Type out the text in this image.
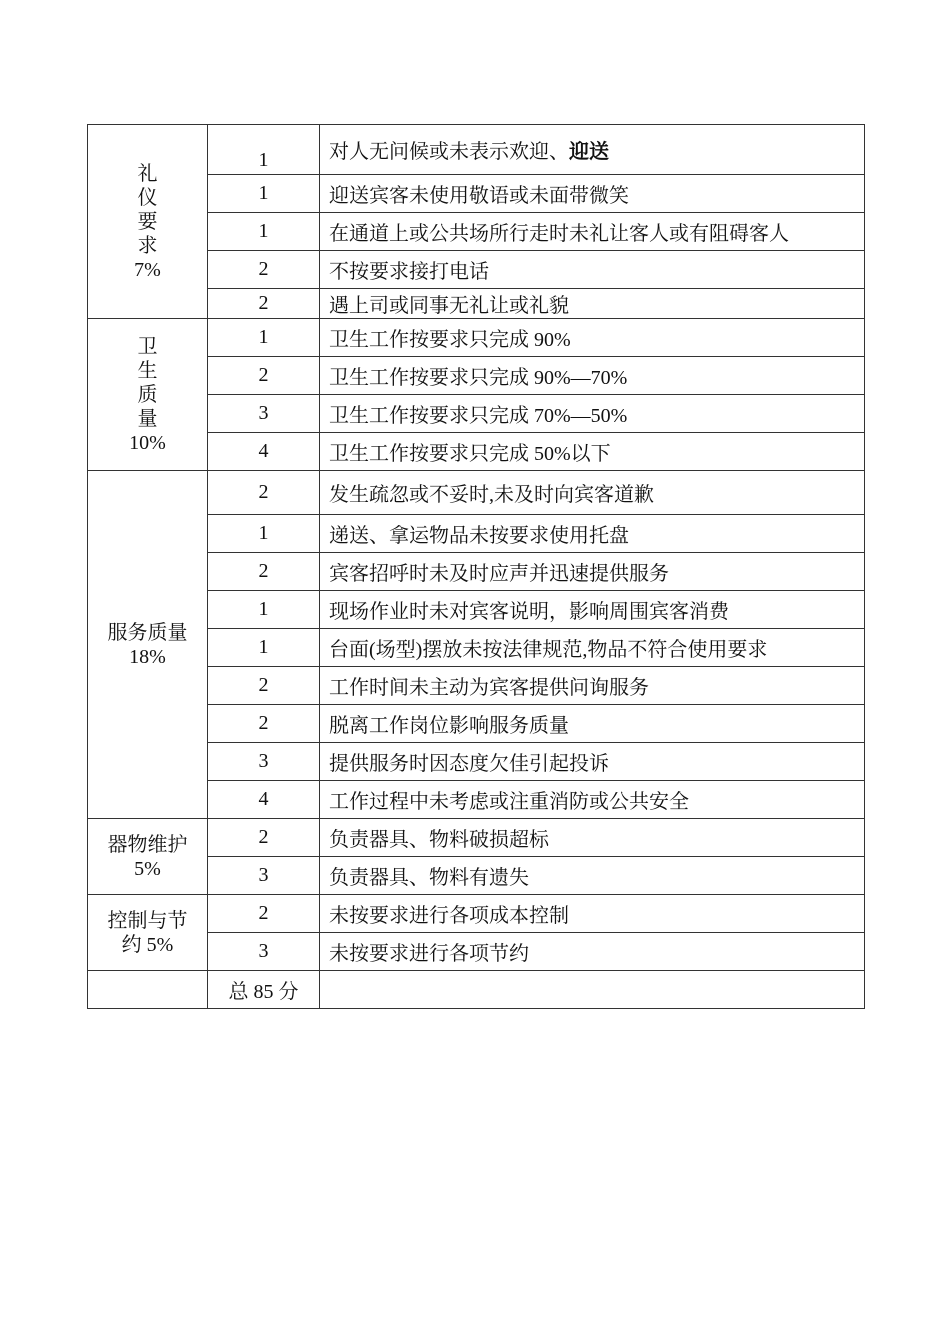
礼
仪
要
求
7%	1	对人无问候或未表示欢迎、迎送
	1	迎送宾客未使用敬语或未面带微笑
	1	在通道上或公共场所行走时未礼让客人或有阻碍客人
	2	不按要求接打电话
	2	遇上司或同事无礼让或礼貌

卫
生
质
量
10%	1	卫生工作按要求只完成 90%
	2	卫生工作按要求只完成 90%—70%
	3	卫生工作按要求只完成 70%—50%
	4	卫生工作按要求只完成 50%以下

服务质量
18%	2	发生疏忽或不妥时,未及时向宾客道歉
	1	递送、拿运物品未按要求使用托盘
	2	宾客招呼时未及时应声并迅速提供服务
	1	现场作业时未对宾客说明，影响周围宾客消费
	1	台面(场型)摆放未按法律规范,物品不符合使用要求
	2	工作时间未主动为宾客提供问询服务
	2	脱离工作岗位影响服务质量
	3	提供服务时因态度欠佳引起投诉
	4	工作过程中未考虑或注重消防或公共安全

器物维护
5%	2	负责器具、物料破损超标
	3	负责器具、物料有遗失

控制与节
约 5%	2	未按要求进行各项成本控制
	3	未按要求进行各项节约
	总 85 分	
